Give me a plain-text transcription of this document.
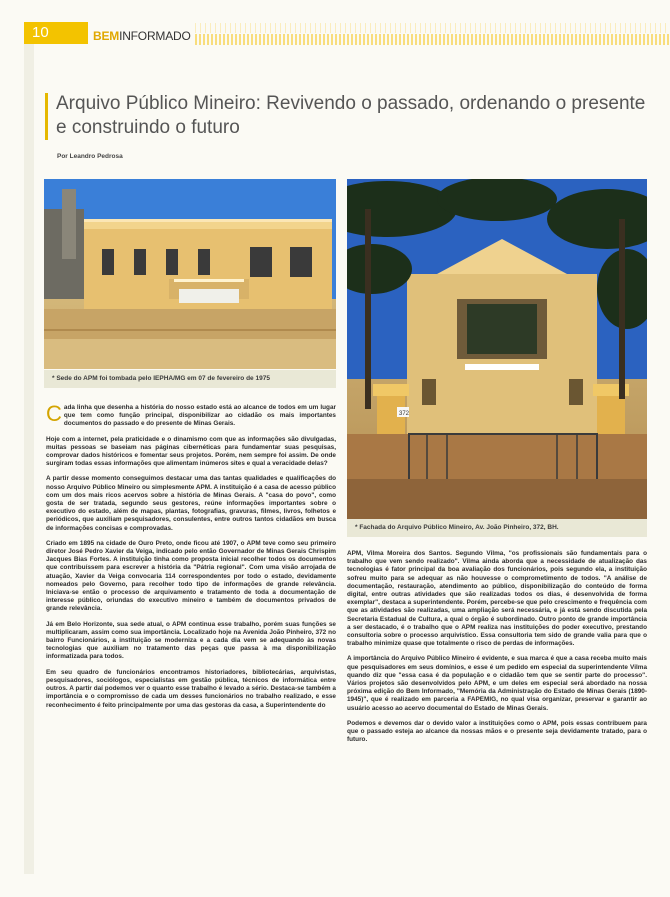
10	BEMINFORMADO
Arquivo Público Mineiro: Revivendo o passado, ordenando o presente e construindo o futuro
Por Leandro Pedrosa
* Sede do APM foi tombada pelo IEPHA/MG em 07 de fevereiro de 1975
372
* Fachada do Arquivo Público Mineiro, Av. João Pinheiro, 372, BH.

Cada linha que desenha a história do nosso estado está ao alcance de todos em um lugar que tem como função principal, disponibilizar ao cidadão os mais importantes documentos do passado e do presente de Minas Gerais.

Hoje com a internet, pela praticidade e o dinamismo com que as informações são divulgadas, muitas pessoas se baseiam nas páginas cibernéticas para fundamentar suas pesquisas, comprovar dados históricos e fomentar seus projetos. Porém, nem sempre foi assim. De onde surgiram todas essas informações que alimentam inúmeros sites e qual a veracidade delas?

A partir desse momento conseguimos destacar uma das tantas qualidades e qualificações do nosso Arquivo Público Mineiro ou simplesmente APM. A instituição é a casa de acesso público com um dos mais ricos acervos sobre a história de Minas Gerais. A "casa do povo", como gosta de ser tratada, segundo seus gestores, reúne informações importantes sobre o executivo do estado, além de mapas, plantas, fotografias, gravuras, filmes, livros, folhetos e periódicos, que auxiliam pesquisadores, consulentes, entre outros tantos cidadãos em busca de informações concisas e comprovadas.

Criado em 1895 na cidade de Ouro Preto, onde ficou até 1907, o APM teve como seu primeiro diretor José Pedro Xavier da Veiga, indicado pelo então Governador de Minas Gerais Chrispim Jacques Bias Fortes. A instituição tinha como proposta inicial recolher todos os documentos que contribuíssem para escrever a história da "Pátria regional". Com uma visão arrojada de atuação, Xavier da Veiga convocaria 114 correspondentes por todo o estado, devidamente nomeados pelo Governo, para recolher todo tipo de informações de grande relevância. Iniciava-se então o processo de arquivamento e tratamento de toda a documentação de interesse público, oriundas do executivo mineiro e também de documentos privados de grande relevância.

Já em Belo Horizonte, sua sede atual, o APM continua esse trabalho, porém suas funções se multiplicaram, assim como sua importância. Localizado hoje na Avenida João Pinheiro, 372 no bairro Funcionários, a instituição se moderniza e a cada dia vem se adequando às novas tecnologias que auxiliam no tratamento das peças que passa à ma disponibilização informatizada para todos.

Em seu quadro de funcionários encontramos historiadores, bibliotecárias, arquivistas, pesquisadores, sociólogos, especialistas em gestão pública, técnicos de informática entre outros. A partir daí podemos ver o quanto esse trabalho é levado a sério. Destaca-se também a importância e o compromisso de cada um desses funcionários no trabalho realizado, e esse reconhecimento é feito principalmente por uma das gestoras da casa, a Superintendente do

APM, Vilma Moreira dos Santos. Segundo Vilma, "os profissionais são fundamentais para o trabalho que vem sendo realizado". Vilma ainda aborda que a necessidade de atualização das tecnologias é fator principal da boa avaliação dos funcionários, pois segundo ela, a instituição sofreu muito para se adequar as não houvesse o comprometimento de todos. "A análise de documentação, restauração, atendimento ao público, disponibilização do conteúdo de forma digital, entre outras atividades que são realizadas todos os dias, é desenvolvida de forma exemplar", destaca a superintendente. Porém, percebe-se que pelo crescimento e frequência com que as atividades são realizadas, uma ampliação será necessária, e já está sendo discutida pela Secretaria Estadual de Cultura, a qual o órgão é subordinado. Outro ponto de grande importância a ser destacado, é o trabalho que o APM realiza nas instituições do poder executivo, prestando consultoria sobre o processo arquivístico. Essa consultoria tem sido de grande valia para que o trabalho minimize quase que totalmente o risco de perdas de informações.

A importância do Arquivo Público Mineiro é evidente, e sua marca é que a casa receba muito mais que pesquisadores em seus domínios, e esse é um pedido em especial da superintendente Vilma quando diz que "essa casa é da população e o cidadão tem que se sentir parte do processo". Vários projetos são desenvolvidos pelo APM, e um deles em especial será abordado na nossa próxima edição do Bem Informado, "Memória da Administração do Estado de Minas Gerais (1890-1945)", que é realizado em parceria a FAPEMIG, no qual visa organizar, preservar e garantir ao usuário acesso ao acervo documental do Estado de Minas Gerais.

Podemos e devemos dar o devido valor a instituições como o APM, pois essas contribuem para que o passado esteja ao alcance da nossas mãos e o presente seja devidamente tratado, para o futuro.
